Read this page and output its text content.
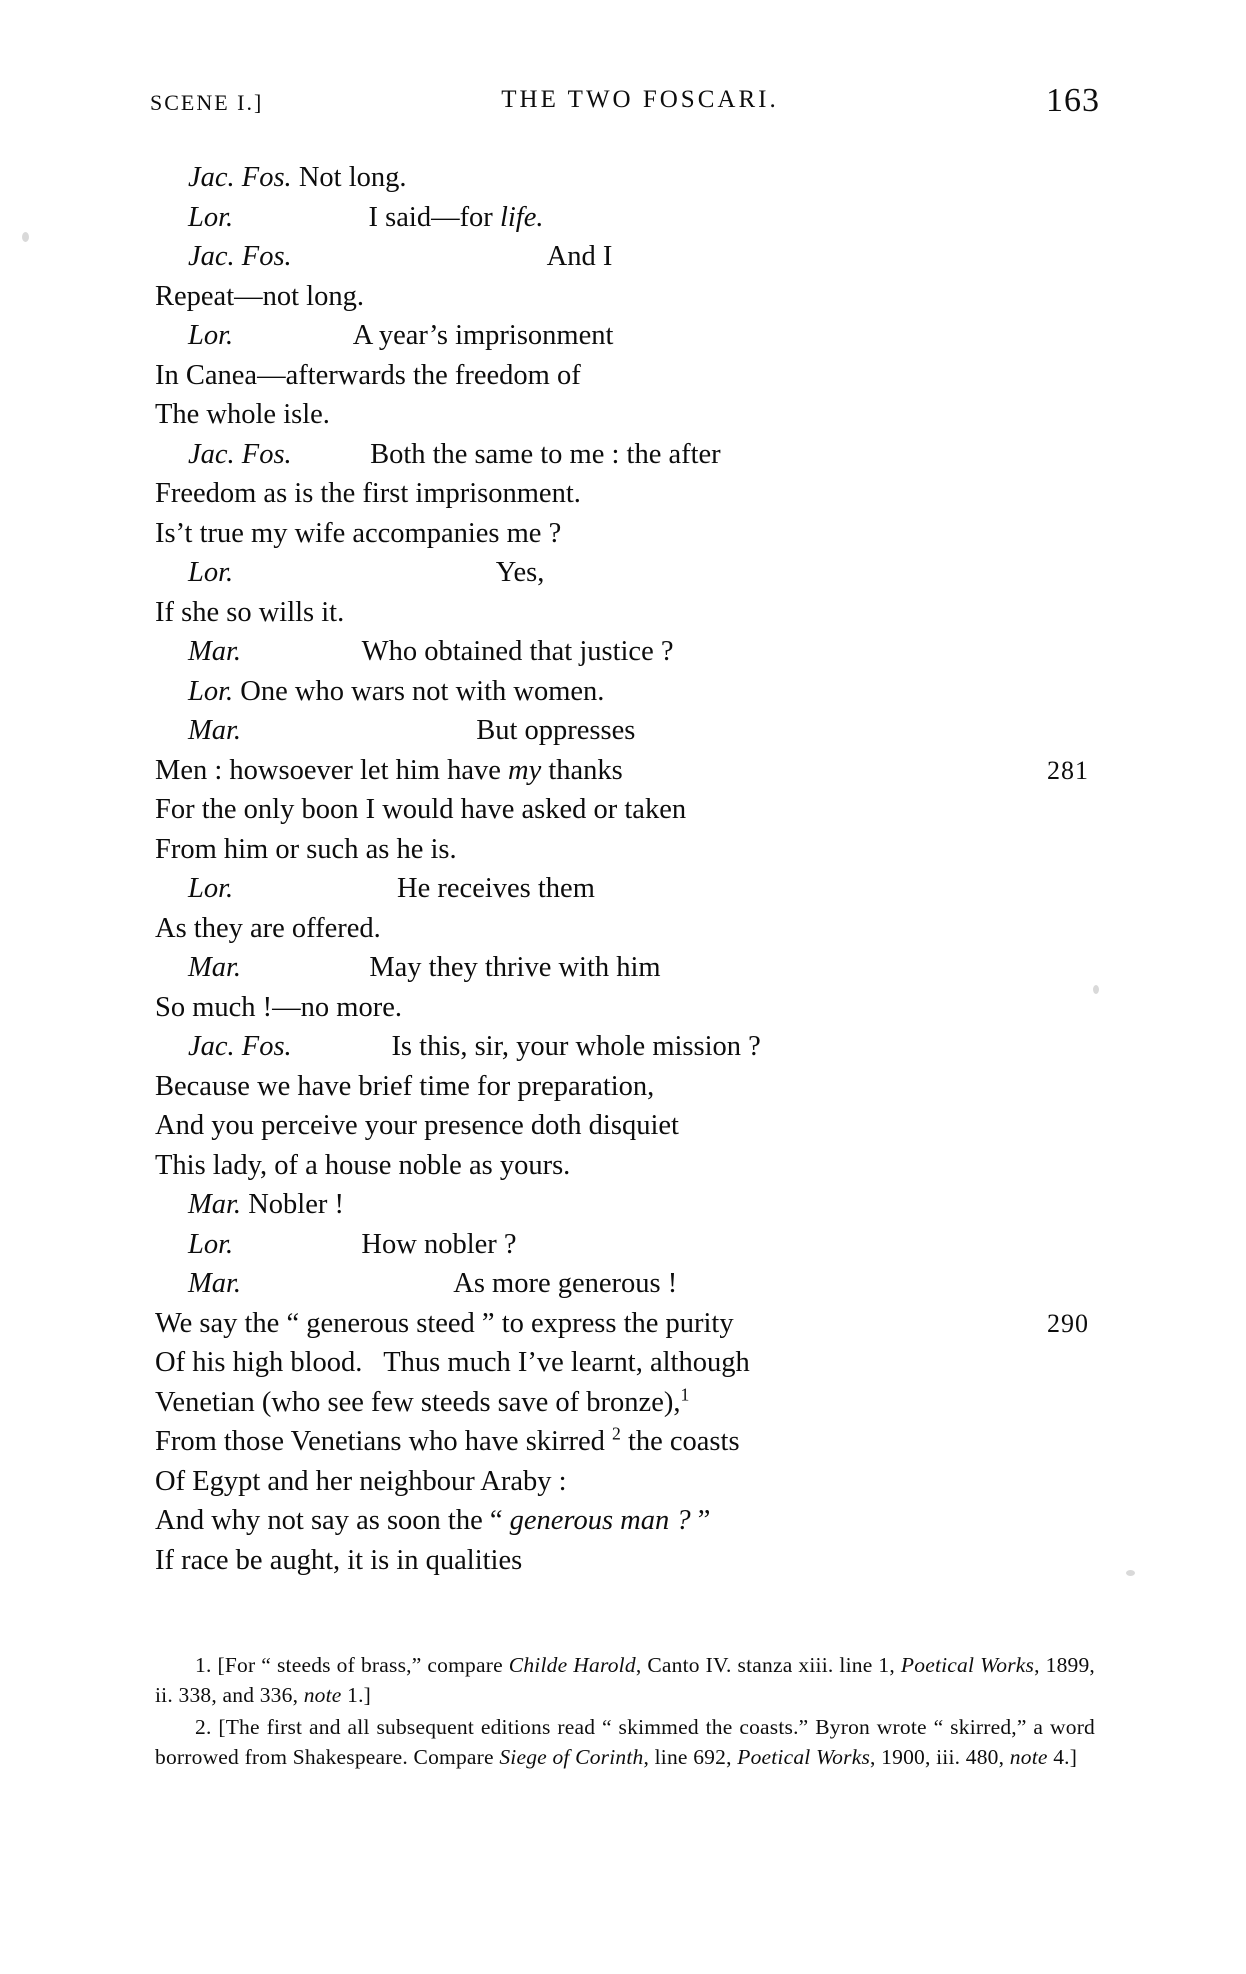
SCENE I.]	THE TWO FOSCARI.	163
Jac. Fos. Not long.
Lor.                   I said—for life.
Jac. Fos.                                    And I
Repeat—not long.
Lor.                 A year’s imprisonment
In Canea—afterwards the freedom of
The whole isle.
Jac. Fos.           Both the same to me : the after
Freedom as is the first imprisonment.
Is’t true my wife accompanies me ?
Lor.                                     Yes,
If she so wills it.
Mar.                 Who obtained that justice ?
Lor. One who wars not with women.
Mar.                                 But oppresses
Men : howsoever let him have my thanks	281
For the only boon I would have asked or taken
From him or such as he is.
Lor.                       He receives them
As they are offered.
Mar.                  May they thrive with him
So much !—no more.
Jac. Fos.              Is this, sir, your whole mission ?
Because we have brief time for preparation,
And you perceive your presence doth disquiet
This lady, of a house noble as yours.
Mar. Nobler !
Lor.                  How nobler ?
Mar.                              As more generous !
We say the “ generous steed ” to express the purity	290
Of his high blood.   Thus much I’ve learnt, although
Venetian (who see few steeds save of bronze),$^1$
From those Venetians who have skirred $^2$ the coasts
Of Egypt and her neighbour Araby :
And why not say as soon the “ generous man ? ”
If race be aught, it is in qualities
1. [For “ steeds of brass,” compare Childe Harold, Canto IV. stanza xiii. line 1, Poetical Works, 1899, ii. 338, and 336, note 1.]
2. [The first and all subsequent editions read “ skimmed the coasts.” Byron wrote “ skirred,” a word borrowed from Shakespeare. Compare Siege of Corinth, line 692, Poetical Works, 1900, iii. 480, note 4.]
